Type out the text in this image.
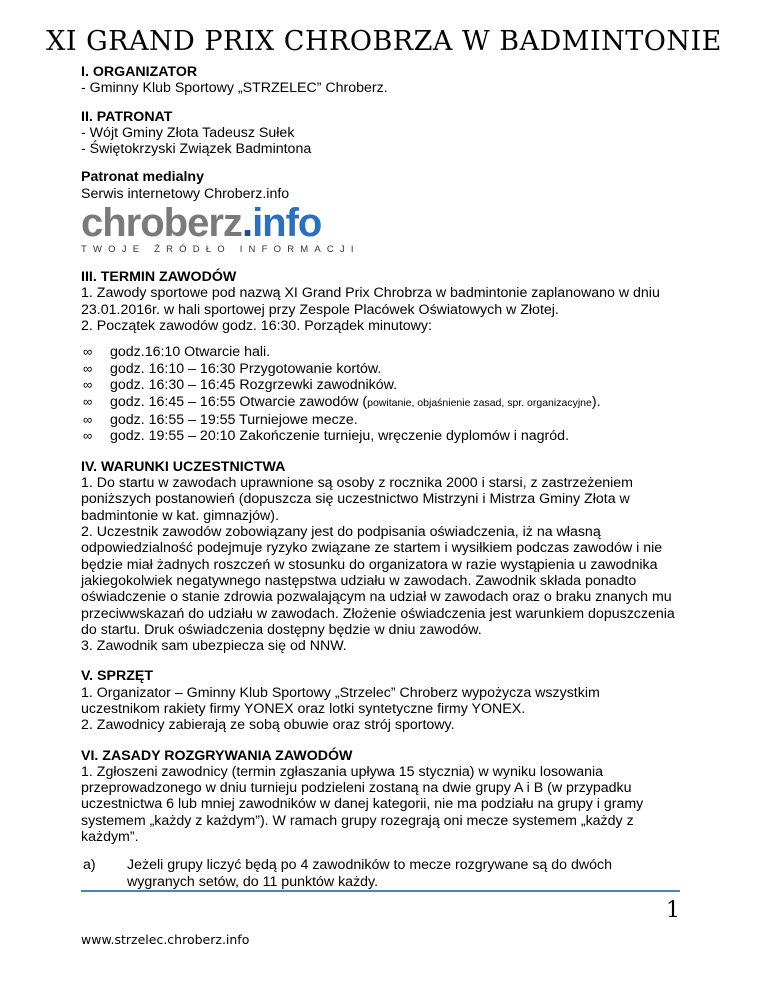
XI GRAND PRIX CHROBRZA W BADMINTONIE

I. ORGANIZATOR

- Gminny Klub Sportowy „STRZELEC” Chroberz.

II. PATRONAT

- Wójt Gminy Złota Tadeusz Sułek

- Świętokrzyski Związek Badmintona

Patronat medialny

Serwis internetowy Chroberz.info

chroberz.info
TWOJE ŹRÓDŁO INFORMACJI

III. TERMIN ZAWODÓW

1. Zawody sportowe pod nazwą XI Grand Prix Chrobrza w badmintonie zaplanowano w dniu 23.01.2016r. w hali sportowej przy Zespole Placówek Oświatowych w Złotej.

2. Początek zawodów godz. 16:30. Porządek minutowy:

∞ godz.16:10 Otwarcie hali.
∞ godz. 16:10 – 16:30 Przygotowanie kortów.
∞ godz. 16:30 – 16:45 Rozgrzewki zawodników.
∞ godz. 16:45 – 16:55 Otwarcie zawodów (powitanie, objaśnienie zasad, spr. organizacyjne).
∞ godz. 16:55 – 19:55 Turniejowe mecze.
∞ godz. 19:55 – 20:10 Zakończenie turnieju, wręczenie dyplomów i nagród.

IV. WARUNKI UCZESTNICTWA

1. Do startu w zawodach uprawnione są osoby z rocznika 2000 i starsi, z zastrzeżeniem poniższych postanowień (dopuszcza się uczestnictwo Mistrzyni i Mistrza Gminy Złota w badmintonie w kat. gimnazjów).

2. Uczestnik zawodów zobowiązany jest do podpisania oświadczenia, iż na własną odpowiedzialność podejmuje ryzyko związane ze startem i wysiłkiem podczas zawodów i nie będzie miał żadnych roszczeń w stosunku do organizatora w razie wystąpienia u zawodnika jakiegokolwiek negatywnego następstwa udziału w zawodach. Zawodnik składa ponadto oświadczenie o stanie zdrowia pozwalającym na udział w zawodach oraz o braku znanych mu przeciwwskazań do udziału w zawodach. Złożenie oświadczenia jest warunkiem dopuszczenia do startu. Druk oświadczenia dostępny będzie w dniu zawodów.

3. Zawodnik sam ubezpiecza się od NNW.

V. SPRZĘT

1. Organizator – Gminny Klub Sportowy „Strzelec” Chroberz wypożycza wszystkim uczestnikom rakiety firmy YONEX oraz lotki syntetyczne firmy YONEX.

2. Zawodnicy zabierają ze sobą obuwie oraz strój sportowy.

VI. ZASADY ROZGRYWANIA ZAWODÓW

1. Zgłoszeni zawodnicy (termin zgłaszania upływa 15 stycznia) w wyniku losowania przeprowadzonego w dniu turnieju podzieleni zostaną na dwie grupy A i B (w przypadku uczestnictwa 6 lub mniej zawodników w danej kategorii, nie ma podziału na grupy i gramy systemem „każdy z każdym”). W ramach grupy rozegrają oni mecze systemem „każdy z każdym”.

a)	Jeżeli grupy liczyć będą po 4 zawodników to mecze rozgrywane są do dwóch wygranych setów, do 11 punktów każdy.

1
www.strzelec.chroberz.info
